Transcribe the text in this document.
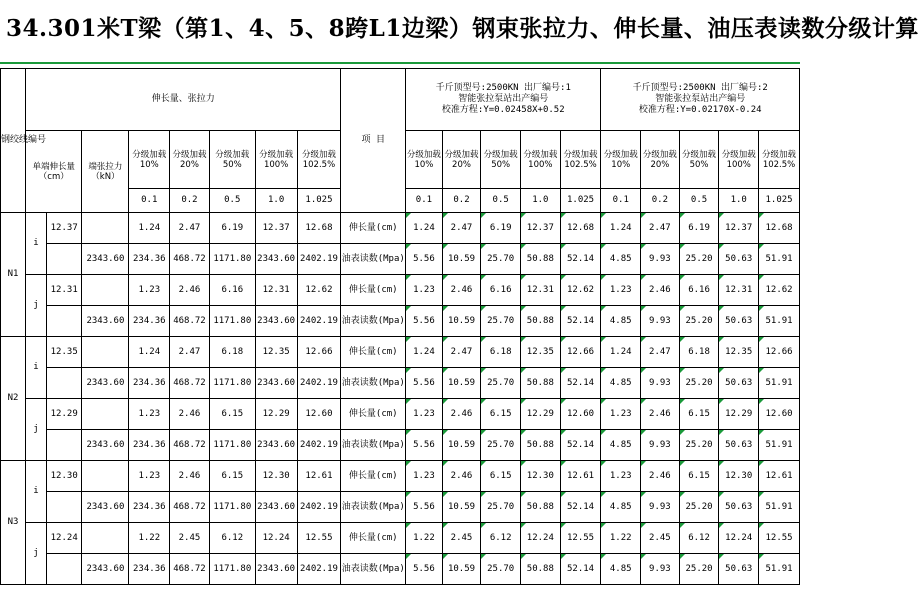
34.301米T梁（第1、4、5、8跨L1边梁）钢束张拉力、伸长量、油压表读数分级计算
钢绞线编号	伸长量、张拉力								项 目	千斤顶型号:2500KN 出厂编号:1
智能张拉泵站出产编号
校准方程:Y=0.02458X+0.52					千斤顶型号:2500KN 出厂编号:2
智能张拉泵站出产编号
校准方程:Y=0.02170X-0.24				
	单端伸长量（cm）		端张拉力（kN）	分级加载10%	分级加载20%	分级加载50%	分级加载100%	分级加载102.5%		分级加载10%	分级加载20%	分级加载50%	分级加载100%	分级加载102.5%	分级加载10%	分级加载20%	分级加载50%	分级加载100%	分级加载102.5%
				0.1	0.2	0.5	1.0	1.025		0.1	0.2	0.5	1.0	1.025	0.1	0.2	0.5	1.0	1.025
N1	i	12.37		1.24	2.47	6.19	12.37	12.68	伸长量(cm)	1.24	2.47	6.19	12.37	12.68	1.24	2.47	6.19	12.37	12.68
			2343.60	234.36	468.72	1171.80	2343.60	2402.19	油表读数(Mpa)	5.56	10.59	25.70	50.88	52.14	4.85	9.93	25.20	50.63	51.91
	j	12.31		1.23	2.46	6.16	12.31	12.62	伸长量(cm)	1.23	2.46	6.16	12.31	12.62	1.23	2.46	6.16	12.31	12.62
			2343.60	234.36	468.72	1171.80	2343.60	2402.19	油表读数(Mpa)	5.56	10.59	25.70	50.88	52.14	4.85	9.93	25.20	50.63	51.91
N2	i	12.35		1.24	2.47	6.18	12.35	12.66	伸长量(cm)	1.24	2.47	6.18	12.35	12.66	1.24	2.47	6.18	12.35	12.66
			2343.60	234.36	468.72	1171.80	2343.60	2402.19	油表读数(Mpa)	5.56	10.59	25.70	50.88	52.14	4.85	9.93	25.20	50.63	51.91
	j	12.29		1.23	2.46	6.15	12.29	12.60	伸长量(cm)	1.23	2.46	6.15	12.29	12.60	1.23	2.46	6.15	12.29	12.60
			2343.60	234.36	468.72	1171.80	2343.60	2402.19	油表读数(Mpa)	5.56	10.59	25.70	50.88	52.14	4.85	9.93	25.20	50.63	51.91
N3	i	12.30		1.23	2.46	6.15	12.30	12.61	伸长量(cm)	1.23	2.46	6.15	12.30	12.61	1.23	2.46	6.15	12.30	12.61
			2343.60	234.36	468.72	1171.80	2343.60	2402.19	油表读数(Mpa)	5.56	10.59	25.70	50.88	52.14	4.85	9.93	25.20	50.63	51.91
	j	12.24		1.22	2.45	6.12	12.24	12.55	伸长量(cm)	1.22	2.45	6.12	12.24	12.55	1.22	2.45	6.12	12.24	12.55
			2343.60	234.36	468.72	1171.80	2343.60	2402.19	油表读数(Mpa)	5.56	10.59	25.70	50.88	52.14	4.85	9.93	25.20	50.63	51.91
